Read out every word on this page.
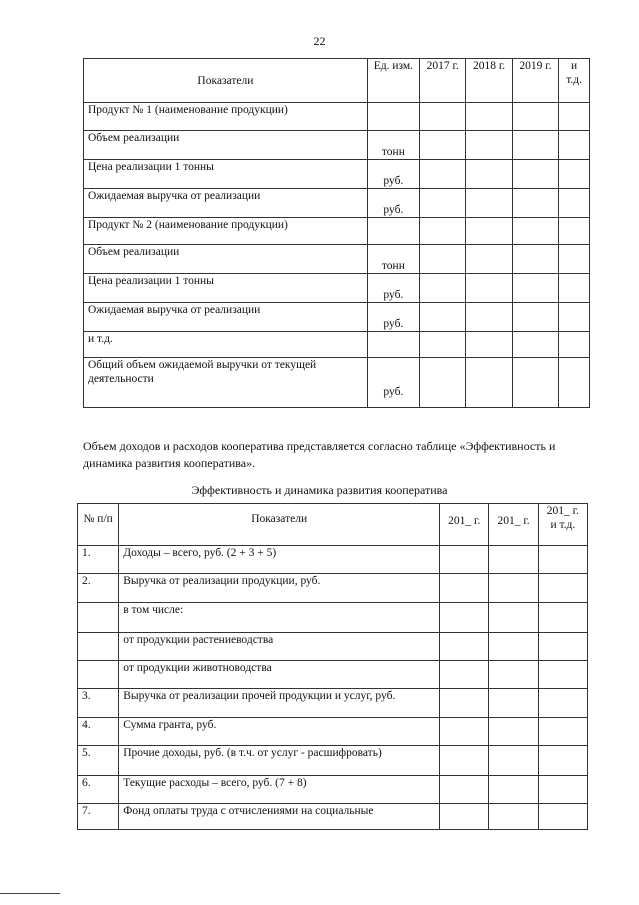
22
Показатели	Ед. изм.	2017 г.	2018 г.	2019 г.	и т.д.
Продукт № 1 (наименование продукции)					
Объем реализации	тонн				
Цена реализации 1 тонны	руб.				
Ожидаемая выручка от реализации	руб.				
Продукт № 2 (наименование продукции)					
Объем реализации	тонн				
Цена реализации 1 тонны	руб.				
Ожидаемая выручка от реализации	руб.				
и т.д.					
Общий объем ожидаемой выручки от текущей деятельности	руб.				
Объем доходов и расходов кооператива представляется согласно таблице «Эффективность и динамика развития кооператива».
Эффективность и динамика развития кооператива
№ п/п	Показатели	201_ г.	201_ г.	201_ г. и т.д.
1.	Доходы – всего, руб. (2 + 3 + 5)			
2.	Выручка от реализации продукции, руб.			
	в том числе:			
	от продукции растениеводства			
	от продукции животноводства			
3.	Выручка от реализации прочей продукции и услуг, руб.			
4.	Сумма гранта, руб.			
5.	Прочие доходы, руб. (в т.ч. от услуг - расшифровать)			
6.	Текущие расходы – всего, руб. (7 + 8)			
7.	Фонд оплаты труда с отчислениями на социальные			
